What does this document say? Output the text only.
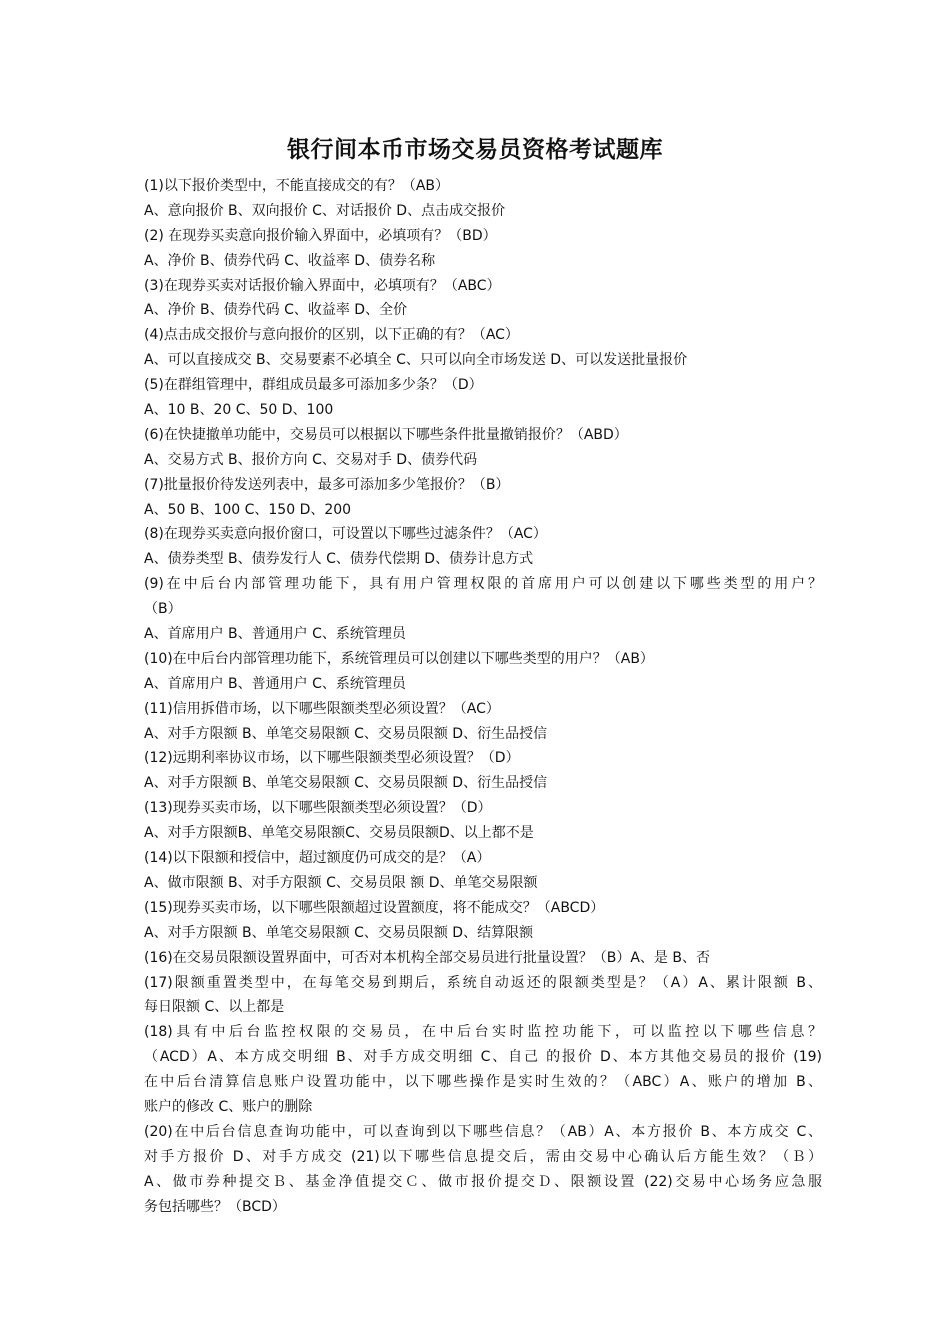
银行间本币市场交易员资格考试题库
(1)以下报价类型中，不能直接成交的有？（AB）
A、意向报价 B、双向报价 C、对话报价 D、点击成交报价
(2) 在现券买卖意向报价输入界面中，必填项有？（BD）
A、净价 B、债券代码 C、收益率 D、债券名称
(3)在现券买卖对话报价输入界面中，必填项有？（ABC）
A、净价 B、债券代码 C、收益率 D、全价
(4)点击成交报价与意向报价的区别，以下正确的有？（AC）
A、可以直接成交 B、交易要素不必填全 C、只可以向全市场发送 D、可以发送批量报价
(5)在群组管理中，群组成员最多可添加多少条？（D）
A、10 B、20 C、50 D、100
(6)在快捷撤单功能中，交易员可以根据以下哪些条件批量撤销报价？（ABD）
A、交易方式 B、报价方向 C、交易对手 D、债券代码
(7)批量报价待发送列表中，最多可添加多少笔报价？（B）
A、50 B、100 C、150 D、200
(8)在现券买卖意向报价窗口，可设置以下哪些过滤条件？（AC）
A、债券类型 B、债券发行人 C、债券代偿期 D、债券计息方式
(9)在中后台内部管理功能下，具有用户管理权限的首席用户可以创建以下哪些类型的用户？
（B）
A、首席用户 B、普通用户 C、系统管理员
(10)在中后台内部管理功能下，系统管理员可以创建以下哪些类型的用户？（AB）
A、首席用户 B、普通用户 C、系统管理员
(11)信用拆借市场，以下哪些限额类型必须设置？（AC）
A、对手方限额 B、单笔交易限额 C、交易员限额 D、衍生品授信
(12)远期利率协议市场，以下哪些限额类型必须设置？（D）
A、对手方限额 B、单笔交易限额 C、交易员限额 D、衍生品授信
(13)现券买卖市场，以下哪些限额类型必须设置？（D）
A、对手方限额B、单笔交易限额C、交易员限额D、以上都不是
(14)以下限额和授信中，超过额度仍可成交的是？（A）
A、做市限额 B、对手方限额 C、交易员限 额 D、单笔交易限额
(15)现券买卖市场，以下哪些限额超过设置额度，将不能成交？（ABCD）
A、对手方限额 B、单笔交易限额 C、交易员限额 D、结算限额
(16)在交易员限额设置界面中，可否对本机构全部交易员进行批量设置？（B）A、是 B、否
(17)限额重置类型中，在每笔交易到期后，系统自动返还的限额类型是？（A）A、累计限额 B、
每日限额 C、以上都是
(18)具有中后台监控权限的交易员，在中后台实时监控功能下，可以监控以下哪些信息？
（ACD）A、本方成交明细 B、对手方成交明细 C、自己 的报价 D、本方其他交易员的报价 (19)
在中后台清算信息账户设置功能中，以下哪些操作是实时生效的？（ABC）A、账户的增加 B、
账户的修改 C、账户的删除
(20)在中后台信息查询功能中，可以查询到以下哪些信息？（AB）A、本方报价 B、本方成交 C、
对手方报价 D、对手方成交 (21)以下哪些信息提交后，需由交易中心确认后方能生效？（Ｂ）
A、做市券种提交Ｂ、基金净值提交Ｃ、做市报价提交Ｄ、限额设置 (22)交易中心场务应急服
务包括哪些？（BCD）
